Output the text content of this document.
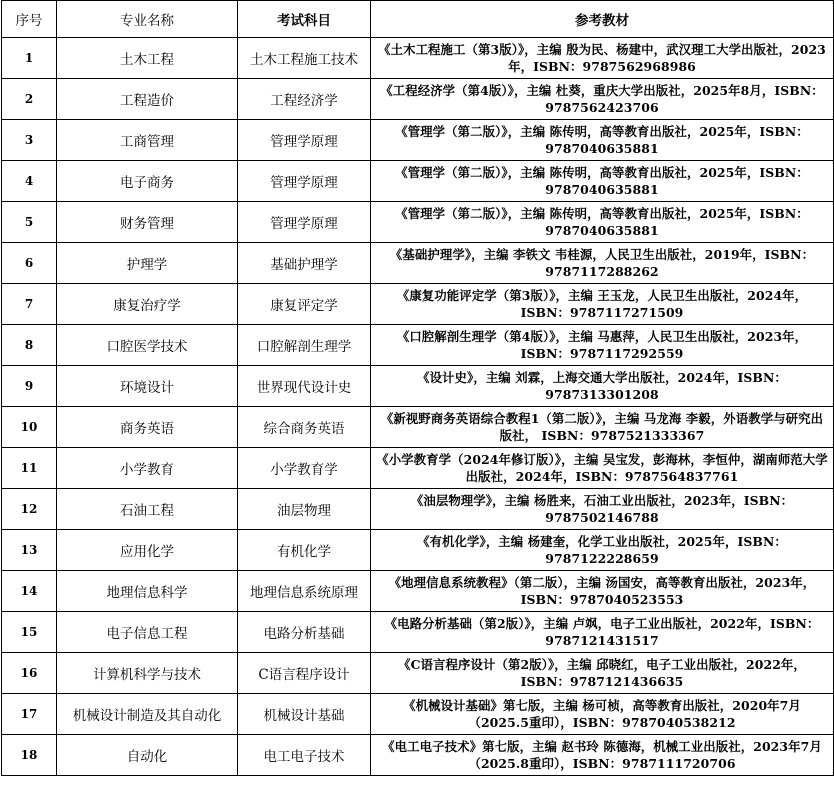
序号	专业名称	考试科目	参考教材
1	土木工程	土木工程施工技术	《土木工程施工（第3版）》，主编 殷为民、杨建中，武汉理工大学出版社，2023年，ISBN：9787562968986
2	工程造价	工程经济学	《工程经济学（第4版）》，主编 杜葵，重庆大学出版社，2025年8月，ISBN：9787562423706
3	工商管理	管理学原理	《管理学（第二版）》，主编 陈传明，高等教育出版社，2025年，ISBN：9787040635881
4	电子商务	管理学原理	《管理学（第二版）》，主编 陈传明，高等教育出版社，2025年，ISBN：9787040635881
5	财务管理	管理学原理	《管理学（第二版）》，主编 陈传明，高等教育出版社，2025年，ISBN：9787040635881
6	护理学	基础护理学	《基础护理学》，主编 李铁文 韦桂源，人民卫生出版社，2019年，ISBN：9787117288262
7	康复治疗学	康复评定学	《康复功能评定学（第3版）》，主编 王玉龙，人民卫生出版社，2024年，ISBN：9787117271509
8	口腔医学技术	口腔解剖生理学	《口腔解剖生理学（第4版）》，主编 马惠萍，人民卫生出版社，2023年，ISBN：9787117292559
9	环境设计	世界现代设计史	《设计史》，主编 刘霖，上海交通大学出版社，2024年，ISBN：9787313301208
10	商务英语	综合商务英语	《新视野商务英语综合教程1（第二版）》，主编 马龙海 李毅，外语教学与研究出版社， ISBN：9787521333367
11	小学教育	小学教育学	《小学教育学（2024年修订版）》，主编 吴宝发，彭海林，李恒仲，湖南师范大学出版社，2024年，ISBN：9787564837761
12	石油工程	油层物理	《油层物理学》，主编 杨胜来，石油工业出版社，2023年，ISBN：9787502146788
13	应用化学	有机化学	《有机化学》，主编 杨建奎，化学工业出版社，2025年，ISBN：9787122228659
14	地理信息科学	地理信息系统原理	《地理信息系统教程》（第二版），主编 汤国安，高等教育出版社，2023年，ISBN：9787040523553
15	电子信息工程	电路分析基础	《电路分析基础（第2版）》，主编 卢飒，电子工业出版社，2022年，ISBN：9787121431517
16	计算机科学与技术	C语言程序设计	《C语言程序设计（第2版）》，主编 邱晓红，电子工业出版社，2022年，ISBN：9787121436635
17	机械设计制造及其自动化	机械设计基础	《机械设计基础》第七版，主编 杨可桢，高等教育出版社，2020年7月（2025.5重印），ISBN：9787040538212
18	自动化	电工电子技术	《电工电子技术》第七版，主编 赵书玲 陈德海，机械工业出版社，2023年7月（2025.8重印），ISBN：9787111720706
